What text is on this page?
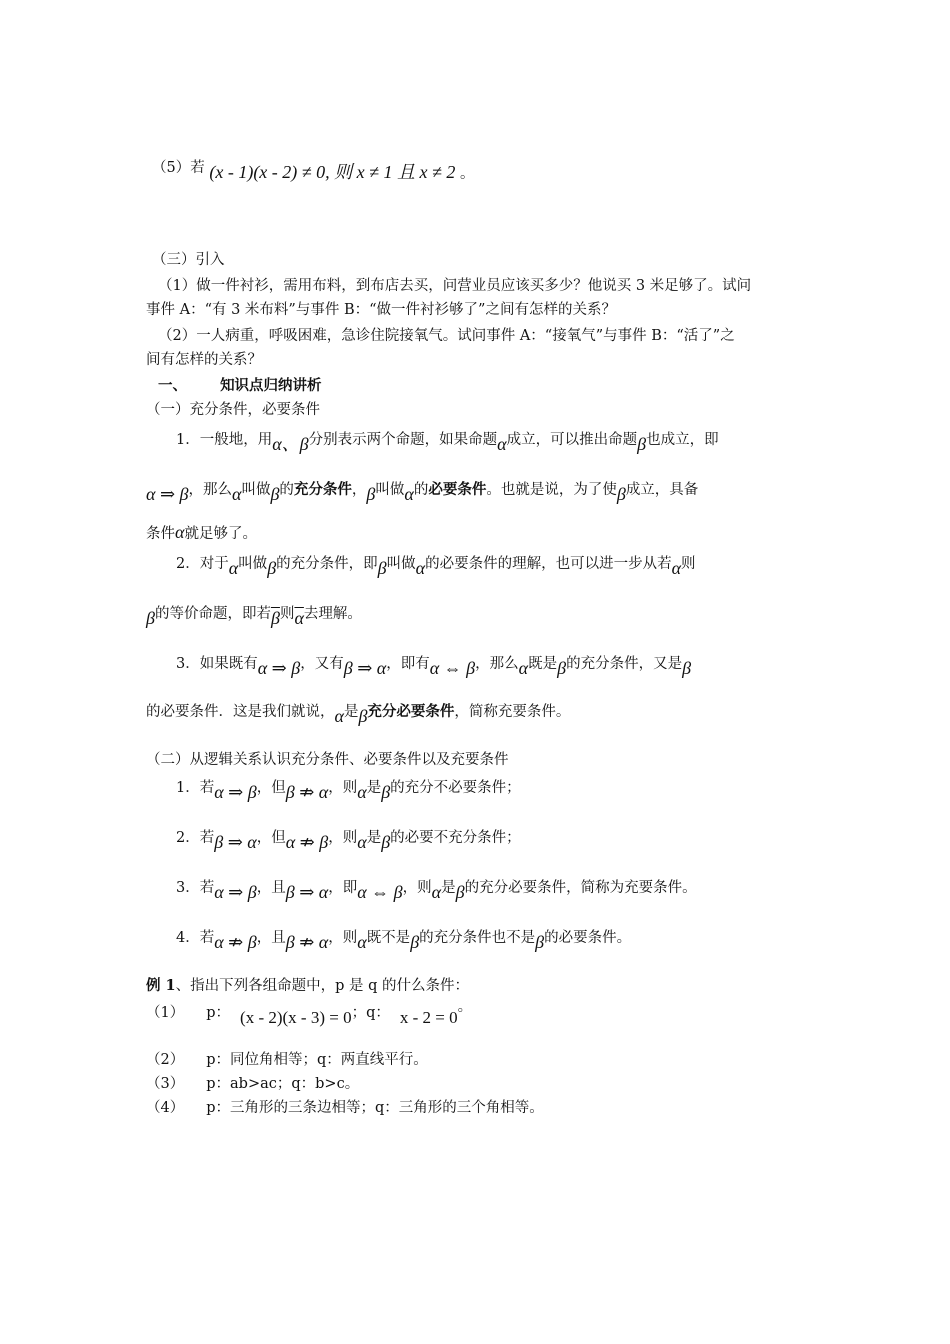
（5）若 (x - 1)(x - 2) ≠ 0, 则 x ≠ 1 且 x ≠ 2 。
（三）引入
（1）做一件衬衫，需用布料，到布店去买，问营业员应该买多少？他说买 3 米足够了。试问
事件 A：“有 3 米布料”与事件 B：“做一件衬衫够了”之间有怎样的关系？
（2）一人病重，呼吸困难，急诊住院接氧气。试问事件 A：“接氧气”与事件 B：“活了”之
间有怎样的关系？
一、 知识点归纳讲析
（一）充分条件，必要条件
1．一般地，用α、β分别表示两个命题，如果命题α成立，可以推出命题β也成立，即
α ⇒ β，那么α叫做β的充分条件，β叫做α的必要条件。也就是说，为了使β成立，具备
条件α就足够了。
2．对于α叫做β的充分条件，即β叫做α的必要条件的理解，也可以进一步从若α则
β的等价命题，即若$\overline{\beta}$则$\overline{\alpha}$去理解。
3．如果既有α ⇒ β，又有β ⇒ α，即有α ⇔ β，那么α既是β的充分条件，又是β
的必要条件．这是我们就说，α是β充分必要条件，简称充要条件。
（二）从逻辑关系认识充分条件、必要条件以及充要条件
1．若α ⇒ β，但β ⇏ α，则α是β的充分不必要条件；
2．若β ⇒ α，但α ⇏ β，则α是β的必要不充分条件；
3．若α ⇒ β，且β ⇒ α，即α ⇔ β，则α是β的充分必要条件，简称为充要条件。
4．若α ⇏ β，且β ⇏ α，则α既不是β的充分条件也不是β的必要条件。
例 1、指出下列各组命题中，p 是 q 的什么条件：
（1） p： (x - 2)(x - 3) = 0；q： x - 2 = 0。
（2） p：同位角相等；q：两直线平行。
（3） p：ab>ac；q：b>c。
（4） p：三角形的三条边相等；q：三角形的三个角相等。
